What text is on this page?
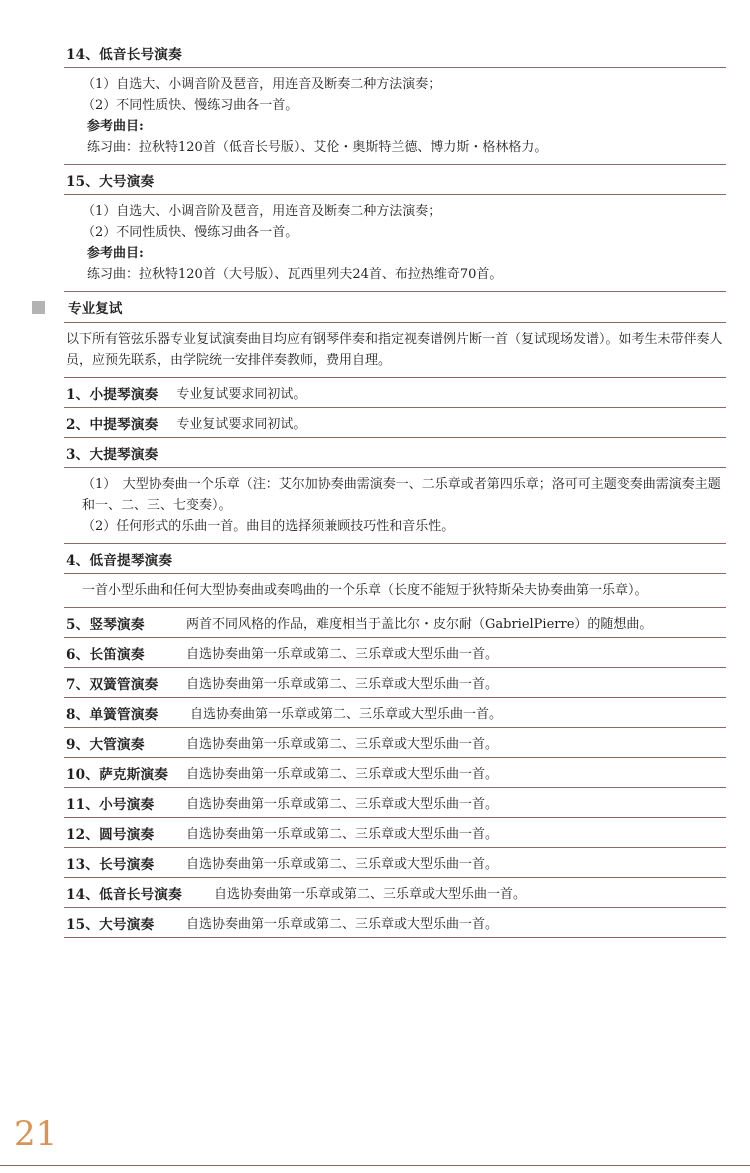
14、低音长号演奏

（1）自选大、小调音阶及琶音，用连音及断奏二种方法演奏；

（2）不同性质快、慢练习曲各一首。

参考曲目:

练习曲：拉秋特120首（低音长号版）、艾伦・奥斯特兰德、博力斯・格林格力。

15、大号演奏

（1）自选大、小调音阶及琶音，用连音及断奏二种方法演奏；

（2）不同性质快、慢练习曲各一首。

参考曲目:

练习曲：拉秋特120首（大号版）、瓦西里列夫24首、布拉热维奇70首。

专业复试

以下所有管弦乐器专业复试演奏曲目均应有钢琴伴奏和指定视奏谱例片断一首（复试现场发谱）。如考生未带伴奏人员，应预先联系，由学院统一安排伴奏教师，费用自理。

1、小提琴演奏 专业复试要求同初试。
2、中提琴演奏 专业复试要求同初试。
3、大提琴演奏

（1）　大型协奏曲一个乐章（注：艾尔加协奏曲需演奏一、二乐章或者第四乐章；洛可可主题变奏曲需演奏主题和一、二、三、七变奏）。

（2）任何形式的乐曲一首。曲目的选择须兼顾技巧性和音乐性。

4、低音提琴演奏

一首小型乐曲和任何大型协奏曲或奏鸣曲的一个乐章（长度不能短于狄特斯朵夫协奏曲第一乐章）。

5、竖琴演奏	两首不同风格的作品，难度相当于盖比尔・皮尔耐（GabrielPierre）的随想曲。
6、长笛演奏	自选协奏曲第一乐章或第二、三乐章或大型乐曲一首。
7、双簧管演奏	自选协奏曲第一乐章或第二、三乐章或大型乐曲一首。
8、单簧管演奏	自选协奏曲第一乐章或第二、三乐章或大型乐曲一首。
9、大管演奏	自选协奏曲第一乐章或第二、三乐章或大型乐曲一首。
10、萨克斯演奏	自选协奏曲第一乐章或第二、三乐章或大型乐曲一首。
11、小号演奏	自选协奏曲第一乐章或第二、三乐章或大型乐曲一首。
12、圆号演奏	自选协奏曲第一乐章或第二、三乐章或大型乐曲一首。
13、长号演奏	自选协奏曲第一乐章或第二、三乐章或大型乐曲一首。
14、低音长号演奏	自选协奏曲第一乐章或第二、三乐章或大型乐曲一首。
15、大号演奏	自选协奏曲第一乐章或第二、三乐章或大型乐曲一首。
21
